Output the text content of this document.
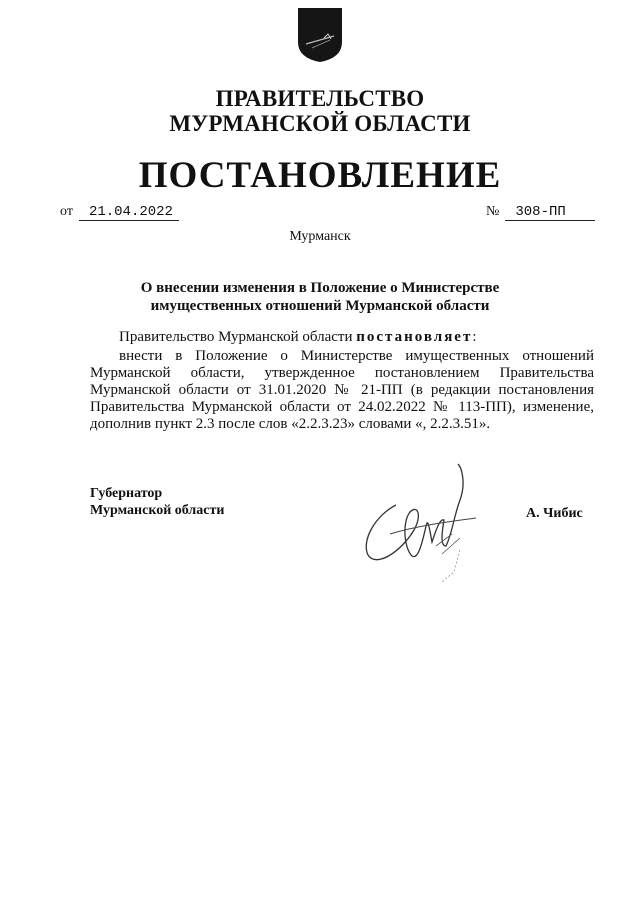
ПРАВИТЕЛЬСТВО
МУРМАНСКОЙ ОБЛАСТИ
ПОСТАНОВЛЕНИЕ
от 21.04.2022	№ 308-ПП
Мурманск
О внесении изменения в Положение о Министерстве
имущественных отношений Мурманской области
Правительство Мурманской области постановляет:
внести в Положение о Министерстве имущественных отношений Мурманской области, утвержденное постановлением Правительства Мурманской области от 31.01.2020 № 21-ПП (в редакции постановления Правительства Мурманской области от 24.02.2022 № 113-ПП), изменение, дополнив пункт 2.3 после слов «2.2.3.23» словами «, 2.2.3.51».
Губернатор
Мурманской области	А. Чибис
